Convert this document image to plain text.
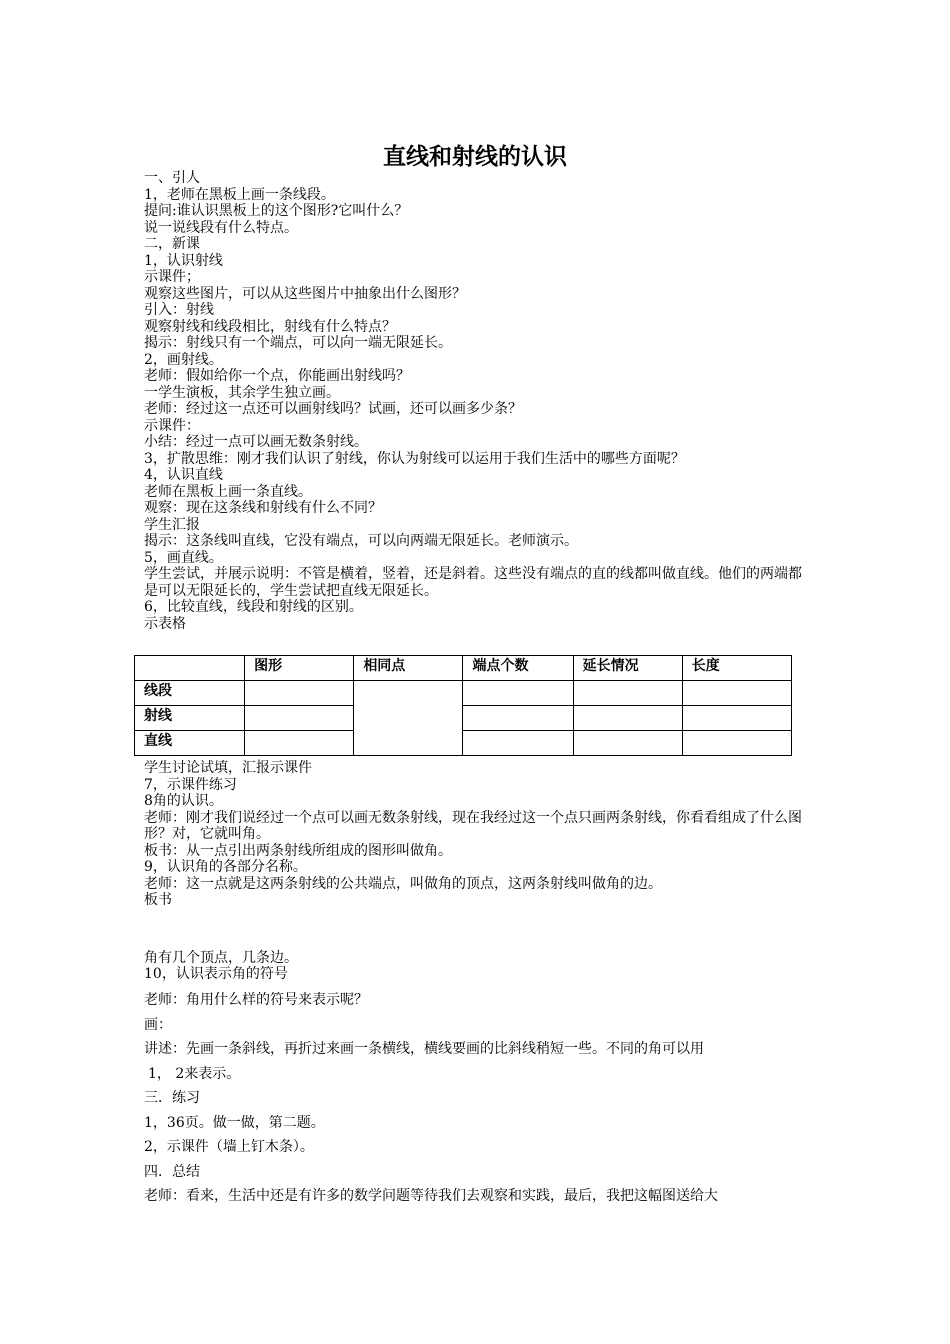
直线和射线的认识
一、引人
1，老师在黑板上画一条线段。
提问:谁认识黑板上的这个图形?它叫什么？
说一说线段有什么特点。
二，新课
1，认识射线
示课件；
观察这些图片，可以从这些图片中抽象出什么图形？
引入：射线
观察射线和线段相比，射线有什么特点？
揭示：射线只有一个端点，可以向一端无限延长。
2，画射线。
老师：假如给你一个点，你能画出射线吗？
一学生演板，其余学生独立画。
老师：经过这一点还可以画射线吗？试画，还可以画多少条？
示课件：
小结：经过一点可以画无数条射线。
3，扩散思维：刚才我们认识了射线，你认为射线可以运用于我们生活中的哪些方面呢？
4，认识直线
老师在黑板上画一条直线。
观察：现在这条线和射线有什么不同？
学生汇报
揭示：这条线叫直线，它没有端点，可以向两端无限延长。老师演示。
5，画直线。
学生尝试，并展示说明：不管是横着，竖着，还是斜着。这些没有端点的直的线都叫做直线。他们的两端都是可以无限延长的，学生尝试把直线无限延长。
6，比较直线，线段和射线的区别。
示表格
	图形	相同点	端点个数	延长情况	长度
线段					
射线					
直线					
学生讨论试填，汇报示课件
7，示课件练习
8角的认识。
老师：刚才我们说经过一个点可以画无数条射线，现在我经过这一个点只画两条射线，你看看组成了什么图形？对，它就叫角。
板书：从一点引出两条射线所组成的图形叫做角。
9，认识角的各部分名称。
老师：这一点就是这两条射线的公共端点，叫做角的顶点，这两条射线叫做角的边。
板书
角有几个顶点，几条边。
10，认识表示角的符号
老师：角用什么样的符号来表示呢？
画：
讲述：先画一条斜线，再折过来画一条横线，横线要画的比斜线稍短一些。不同的角可以用
1， 2来表示。
三．练习
1，36页。做一做，第二题。
2，示课件（墙上钉木条）。
四．总结
老师：看来，生活中还是有许多的数学问题等待我们去观察和实践，最后，我把这幅图送给大
